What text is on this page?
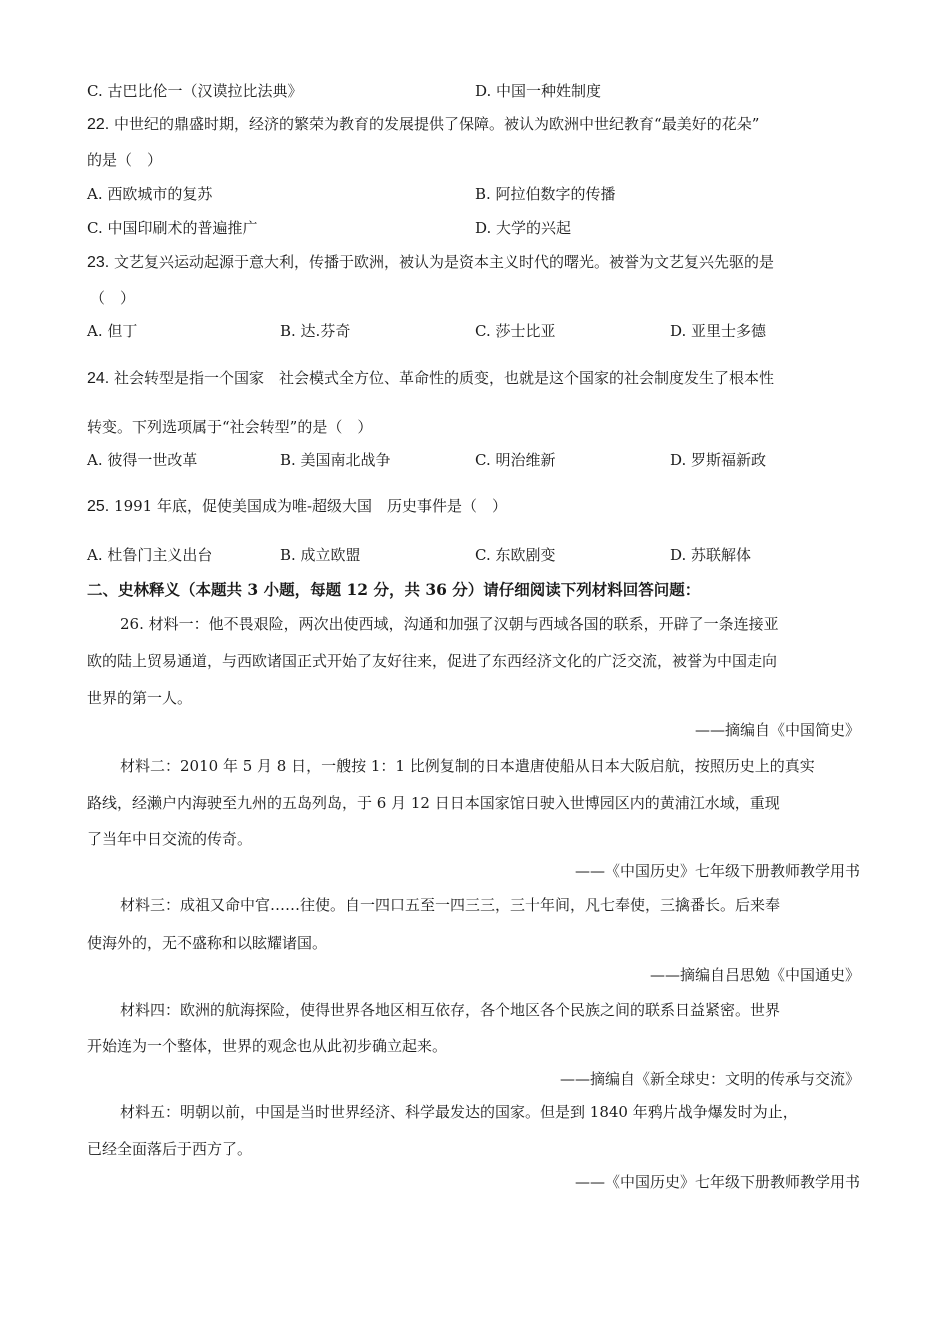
C. 古巴比伦一（汉谟拉比法典》	D. 中国一种姓制度
22. 中世纪的鼎盛时期，经济的繁荣为教育的发展提供了保障。被认为欧洲中世纪教育“最美好的花朵”
的是（　）
A. 西欧城市的复苏	B. 阿拉伯数字的传播
C. 中国印刷术的普遍推广	D. 大学的兴起
23. 文艺复兴运动起源于意大利，传播于欧洲，被认为是资本主义时代的曙光。被誉为文艺复兴先驱的是
（　）
A. 但丁	B. 达.芬奇	C. 莎士比亚	D. 亚里士多德
24. 社会转型是指一个国家　社会模式全方位、革命性的质变，也就是这个国家的社会制度发生了根本性
转变。下列选项属于“社会转型”的是（　）
A. 彼得一世改革	B. 美国南北战争	C. 明治维新	D. 罗斯福新政
25. 1991 年底，促使美国成为唯-超级大国　历史事件是（　）
A. 杜鲁门主义出台	B. 成立欧盟	C. 东欧剧变	D. 苏联解体
二、史林释义（本题共 3 小题，每题 12 分，共 36 分）请仔细阅读下列材料回答问题：
26. 材料一：他不畏艰险，两次出使西域，沟通和加强了汉朝与西域各国的联系，开辟了一条连接亚
欧的陆上贸易通道，与西欧诸国正式开始了友好往来，促进了东西经济文化的广泛交流，被誉为中国走向
世界的第一人。
——摘编自《中国简史》
材料二：2010 年 5 月 8 日，一艘按 1：1 比例复制的日本遣唐使船从日本大阪启航，按照历史上的真实
路线，经濑户内海驶至九州的五岛列岛，于 6 月 12 日日本国家馆日驶入世博园区内的黄浦江水域，重现
了当年中日交流的传奇。
——《中国历史》七年级下册教师教学用书
材料三：成祖又命中官……往使。自一四口五至一四三三，三十年间，凡七奉使，三擒番长。后来奉
使海外的，无不盛称和以眩耀诸国。
——摘编自吕思勉《中国通史》
材料四：欧洲的航海探险，使得世界各地区相互依存，各个地区各个民族之间的联系日益紧密。世界
开始连为一个整体，世界的观念也从此初步确立起来。
——摘编自《新全球史：文明的传承与交流》
材料五：明朝以前，中国是当时世界经济、科学最发达的国家。但是到 1840 年鸦片战争爆发时为止，
已经全面落后于西方了。
——《中国历史》七年级下册教师教学用书
